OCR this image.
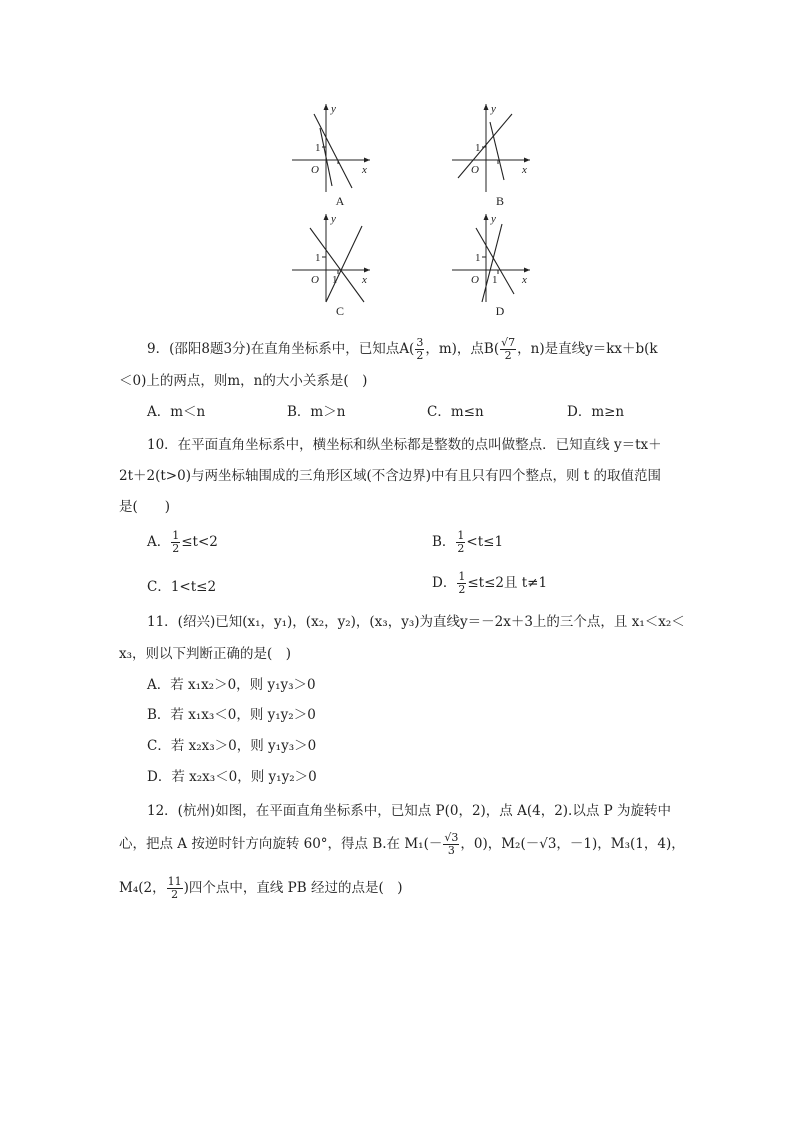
y
x
O
1
A
y
x
O
1
B
y
x
O
1
1
C
y
x
O
1
1
D
9．(邵阳8题3分)在直角坐标系中，已知点$A( \frac{3}{2}$ ，m)，点$B( \frac{√7}{2}$ ，n)是直线y＝kx＋b(k
＜0)上的两点，则m，n的大小关系是(　)
A．m＜n	B．m＞n	C．m≤n	D．m≥n
10．在平面直角坐标系中，横坐标和纵坐标都是整数的点叫做整点．已知直线 y＝tx＋
2t＋2(t>0)与两坐标轴围成的三角形区域(不含边界)中有且只有四个整点，则 t 的取值范围
是(　　)
A． $\frac{1}{2} \le t<2$	B． $\frac{1}{2} <t\le 1$
C．1<t≤2	D． $\frac{1}{2} \le t\le 2$且 t≠1
11．(绍兴)已知(x₁，y₁)，(x₂，y₂)，(x₃，y₃)为直线y＝－2x＋3上的三个点，且 x₁＜x₂＜
x₃，则以下判断正确的是(　)
A．若 x₁x₂＞0，则 y₁y₃＞0
B．若 x₁x₃＜0，则 y₁y₂＞0
C．若 x₂x₃＞0，则 y₁y₃＞0
D．若 x₂x₃＜0，则 y₁y₂＞0
12．(杭州)如图，在平面直角坐标系中，已知点 P(0，2)，点 A(4，2).以点 P 为旋转中
心，把点 A 按逆时针方向旋转 60°，得点 B.在 $M_1(- \frac{√3}{3}$ ，0)，M₂(－√3，－1)，M₃(1，4)，
M₄(2， $\frac{11}{2}$ )四个点中，直线 PB 经过的点是(　)
